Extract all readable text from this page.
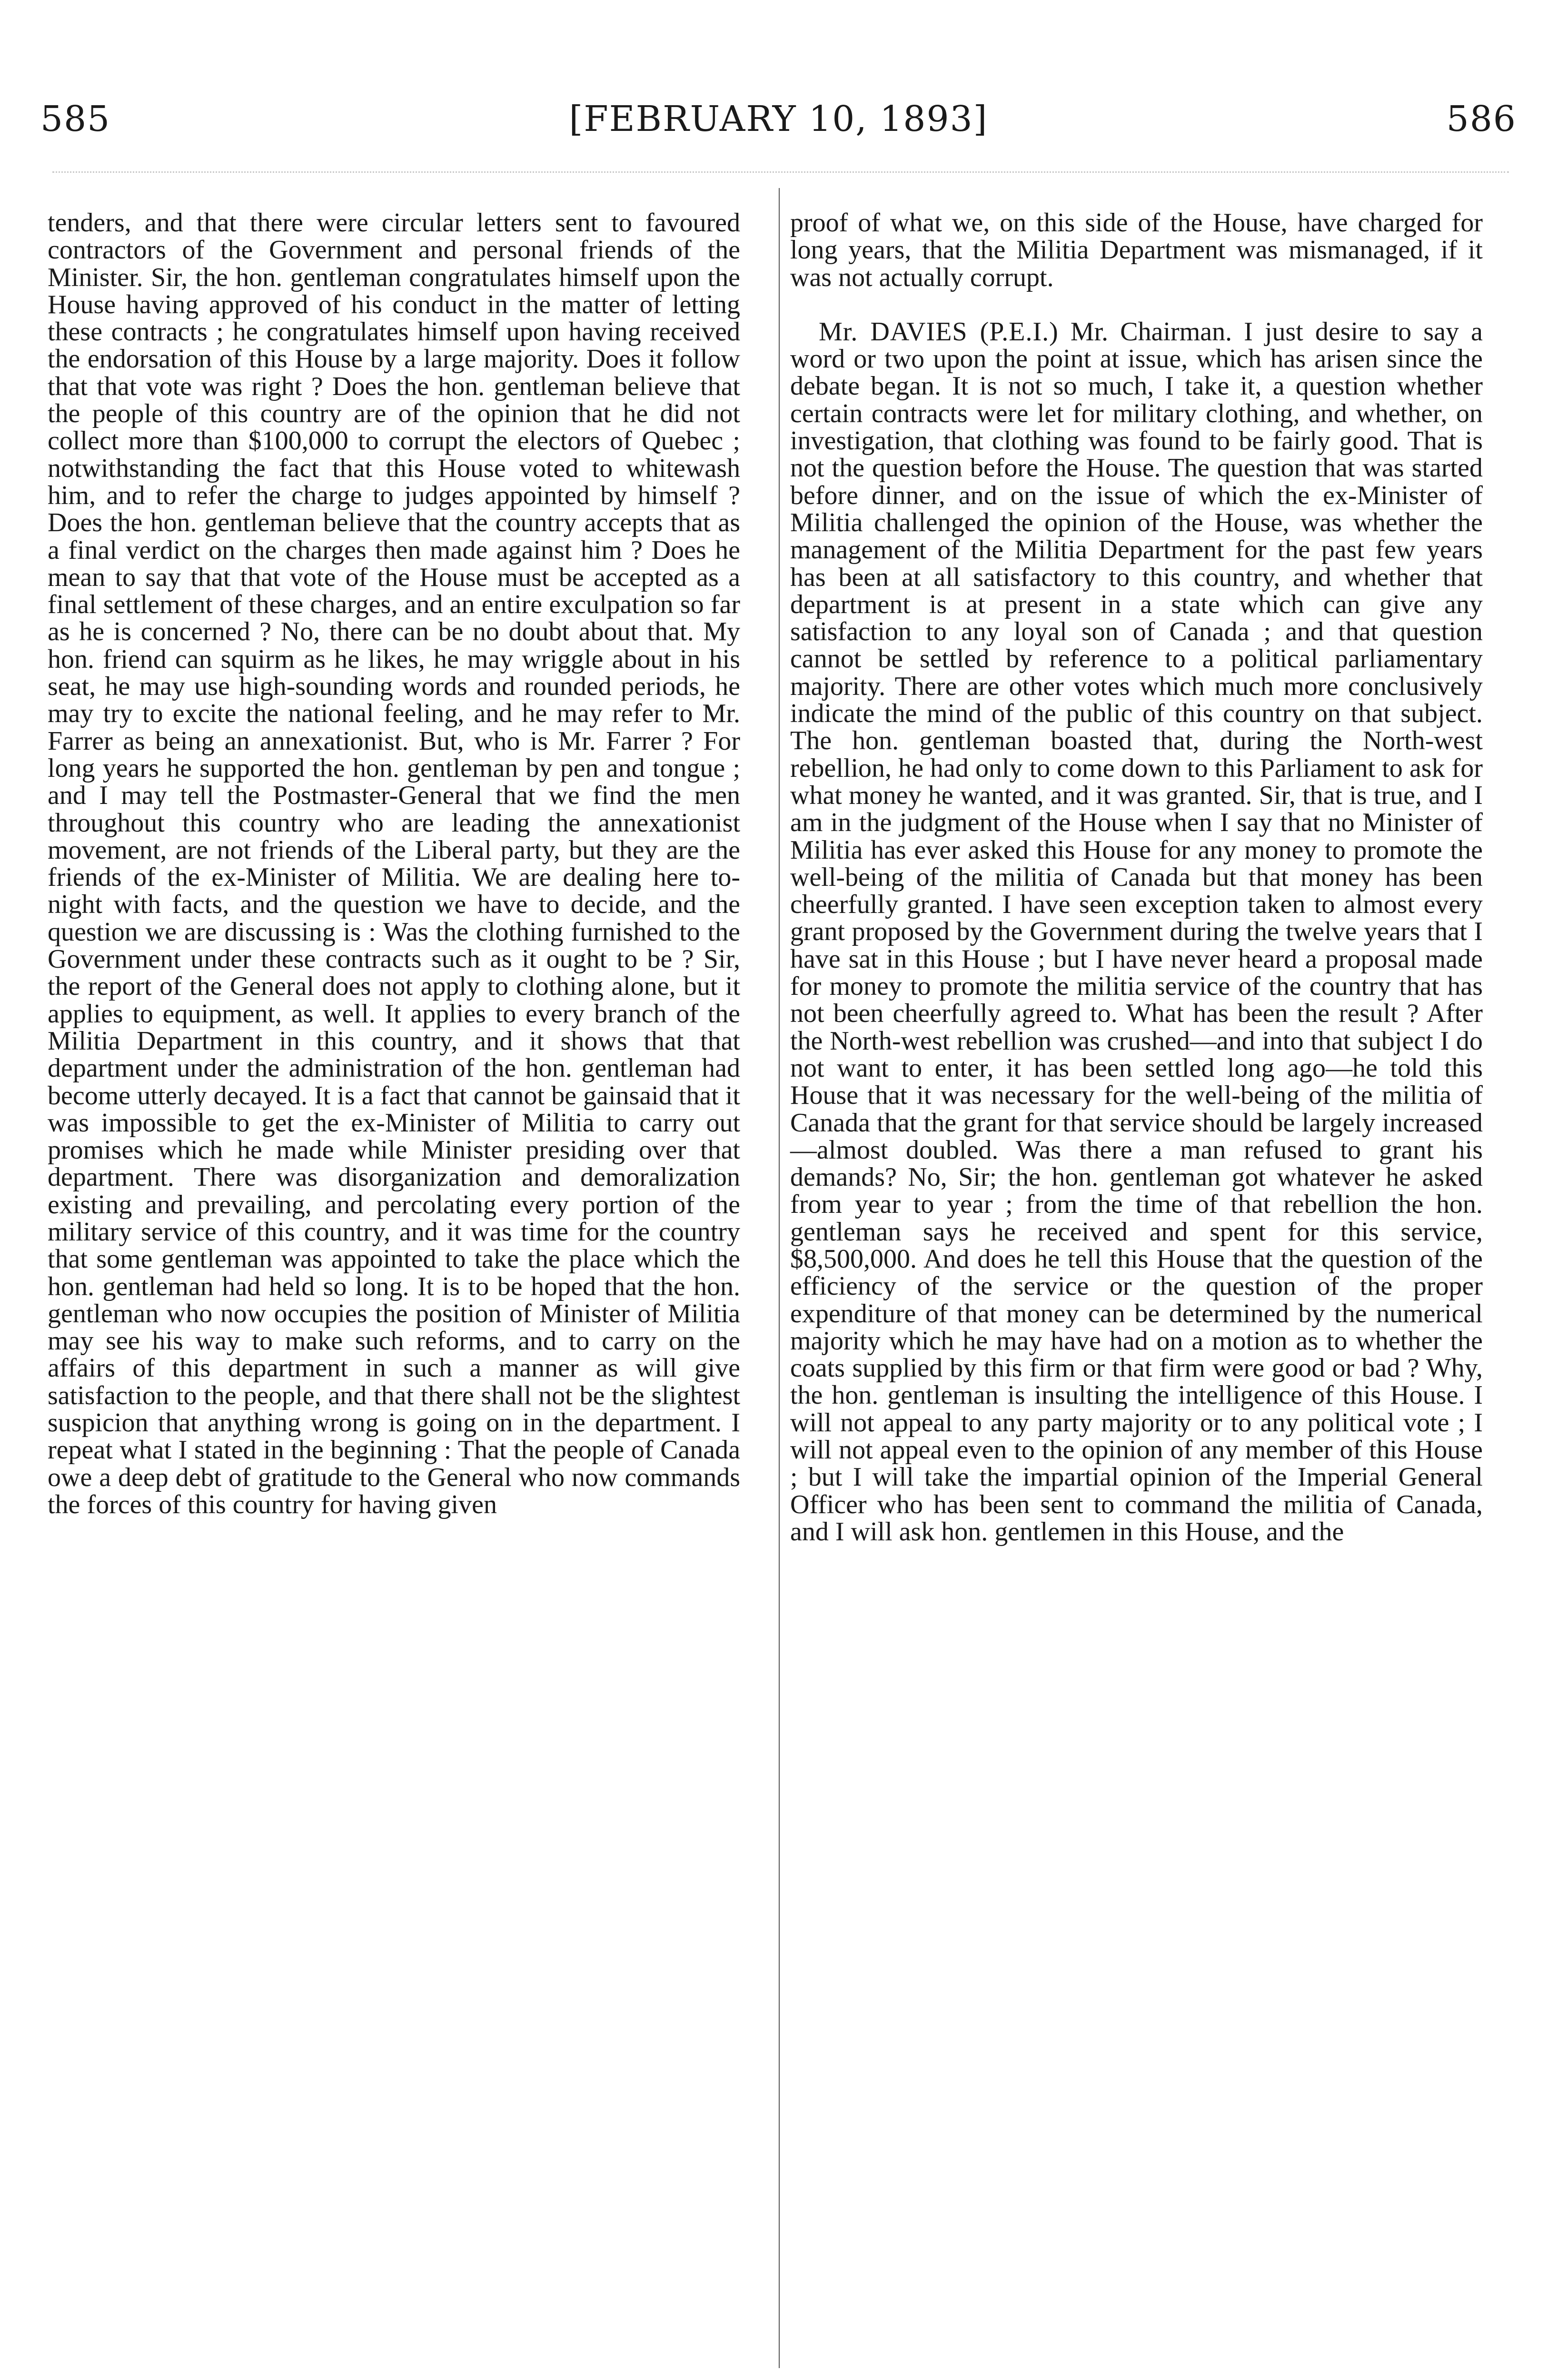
585	[FEBRUARY 10, 1893]	586

tenders, and that there were circular letters sent to favoured contractors of the Government and personal friends of the Minister. Sir, the hon. gentleman congratulates himself upon the House having approved of his conduct in the matter of letting these contracts ; he congratulates himself upon having received the endorsation of this House by a large majority. Does it follow that that vote was right ? Does the hon. gentleman believe that the people of this country are of the opinion that he did not collect more than $100,000 to corrupt the electors of Quebec ; notwithstanding the fact that this House voted to whitewash him, and to refer the charge to judges appointed by himself ? Does the hon. gentleman believe that the country accepts that as a final verdict on the charges then made against him ? Does he mean to say that that vote of the House must be accepted as a final settlement of these charges, and an entire exculpation so far as he is concerned ? No, there can be no doubt about that. My hon. friend can squirm as he likes, he may wriggle about in his seat, he may use high-sounding words and rounded periods, he may try to excite the national feeling, and he may refer to Mr. Farrer as being an annexationist. But, who is Mr. Farrer ? For long years he supported the hon. gentleman by pen and tongue ; and I may tell the Postmaster-General that we find the men throughout this country who are leading the annexationist movement, are not friends of the Liberal party, but they are the friends of the ex-Minister of Militia. We are dealing here to-night with facts, and the question we have to decide, and the question we are discussing is : Was the clothing furnished to the Government under these contracts such as it ought to be ? Sir, the report of the General does not apply to clothing alone, but it applies to equipment, as well. It applies to every branch of the Militia Department in this country, and it shows that that department under the administration of the hon. gentleman had become utterly decayed. It is a fact that cannot be gainsaid that it was impossible to get the ex-Minister of Militia to carry out promises which he made while Minister presiding over that department. There was disorganization and demoralization existing and prevailing, and percolating every portion of the military service of this country, and it was time for the country that some gentleman was appointed to take the place which the hon. gentleman had held so long. It is to be hoped that the hon. gentleman who now occupies the position of Minister of Militia may see his way to make such reforms, and to carry on the affairs of this department in such a manner as will give satisfaction to the people, and that there shall not be the slightest suspicion that anything wrong is going on in the department. I repeat what I stated in the beginning : That the people of Canada owe a deep debt of gratitude to the General who now commands the forces of this country for having given

proof of what we, on this side of the House, have charged for long years, that the Militia Department was mismanaged, if it was not actually corrupt.

Mr. DAVIES (P.E.I.) Mr. Chairman. I just desire to say a word or two upon the point at issue, which has arisen since the debate began. It is not so much, I take it, a question whether certain contracts were let for military clothing, and whether, on investigation, that clothing was found to be fairly good. That is not the question before the House. The question that was started before dinner, and on the issue of which the ex-Minister of Militia challenged the opinion of the House, was whether the management of the Militia Department for the past few years has been at all satisfactory to this country, and whether that department is at present in a state which can give any satisfaction to any loyal son of Canada ; and that question cannot be settled by reference to a political parliamentary majority. There are other votes which much more conclusively indicate the mind of the public of this country on that subject. The hon. gentleman boasted that, during the North-west rebellion, he had only to come down to this Parliament to ask for what money he wanted, and it was granted. Sir, that is true, and I am in the judgment of the House when I say that no Minister of Militia has ever asked this House for any money to promote the well-being of the militia of Canada but that money has been cheerfully granted. I have seen exception taken to almost every grant proposed by the Government during the twelve years that I have sat in this House ; but I have never heard a proposal made for money to promote the militia service of the country that has not been cheerfully agreed to. What has been the result ? After the North-west rebellion was crushed—and into that subject I do not want to enter, it has been settled long ago—he told this House that it was necessary for the well-being of the militia of Canada that the grant for that service should be largely increased—almost doubled. Was there a man refused to grant his demands? No, Sir; the hon. gentleman got whatever he asked from year to year ; from the time of that rebellion the hon. gentleman says he received and spent for this service, $8,500,000. And does he tell this House that the question of the efficiency of the service or the question of the proper expenditure of that money can be determined by the numerical majority which he may have had on a motion as to whether the coats supplied by this firm or that firm were good or bad ? Why, the hon. gentleman is insulting the intelligence of this House. I will not appeal to any party majority or to any political vote ; I will not appeal even to the opinion of any member of this House ; but I will take the impartial opinion of the Imperial General Officer who has been sent to command the militia of Canada, and I will ask hon. gentlemen in this House, and the
